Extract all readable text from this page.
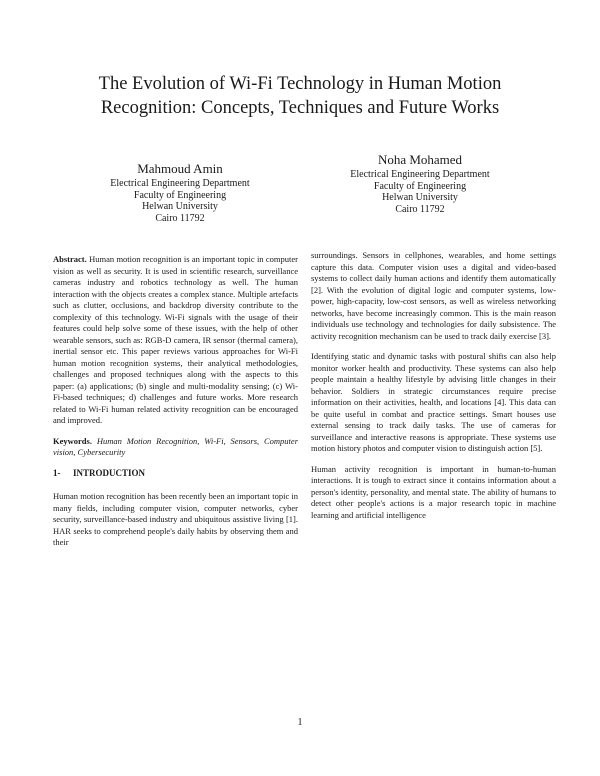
The Evolution of Wi-Fi Technology in Human Motion Recognition: Concepts, Techniques and Future Works
Mahmoud Amin
Electrical Engineering Department
Faculty of Engineering
Helwan University
Cairo 11792
Noha Mohamed
Electrical Engineering Department
Faculty of Engineering
Helwan University
Cairo 11792

Abstract. Human motion recognition is an important topic in computer vision as well as security. It is used in scientific research, surveillance cameras industry and robotics technology as well. The human interaction with the objects creates a complex stance. Multiple artefacts such as clutter, occlusions, and backdrop diversity contribute to the complexity of this technology. Wi-Fi signals with the usage of their features could help solve some of these issues, with the help of other wearable sensors, such as: RGB-D camera, IR sensor (thermal camera), inertial sensor etc. This paper reviews various approaches for Wi-Fi human motion recognition systems, their analytical methodologies, challenges and proposed techniques along with the aspects to this paper: (a) applications; (b) single and multi-modality sensing; (c) Wi-Fi-based techniques; d) challenges and future works. More research related to Wi-Fi human related activity recognition can be encouraged and improved.

Keywords. Human Motion Recognition, Wi-Fi, Sensors, Computer vision, Cybersecurity

1- INTRODUCTION

Human motion recognition has been recently been an important topic in many fields, including computer vision, computer networks, cyber security, surveillance-based industry and ubiquitous assistive living [1]. HAR seeks to comprehend people's daily habits by observing them and their

surroundings. Sensors in cellphones, wearables, and home settings capture this data. Computer vision uses a digital and video-based systems to collect daily human actions and identify them automatically [2]. With the evolution of digital logic and computer systems, low-power, high-capacity, low-cost sensors, as well as wireless networking networks, have become increasingly common. This is the main reason individuals use technology and technologies for daily subsistence. The activity recognition mechanism can be used to track daily exercise [3].

Identifying static and dynamic tasks with postural shifts can also help monitor worker health and productivity. These systems can also help people maintain a healthy lifestyle by advising little changes in their behavior. Soldiers in strategic circumstances require precise information on their activities, health, and locations [4]. This data can be quite useful in combat and practice settings. Smart houses use external sensing to track daily tasks. The use of cameras for surveillance and interactive reasons is appropriate. These systems use motion history photos and computer vision to distinguish action [5].

Human activity recognition is important in human-to-human interactions. It is tough to extract since it contains information about a person's identity, personality, and mental state. The ability of humans to detect other people's actions is a major research topic in machine learning and artificial intelligence

1
